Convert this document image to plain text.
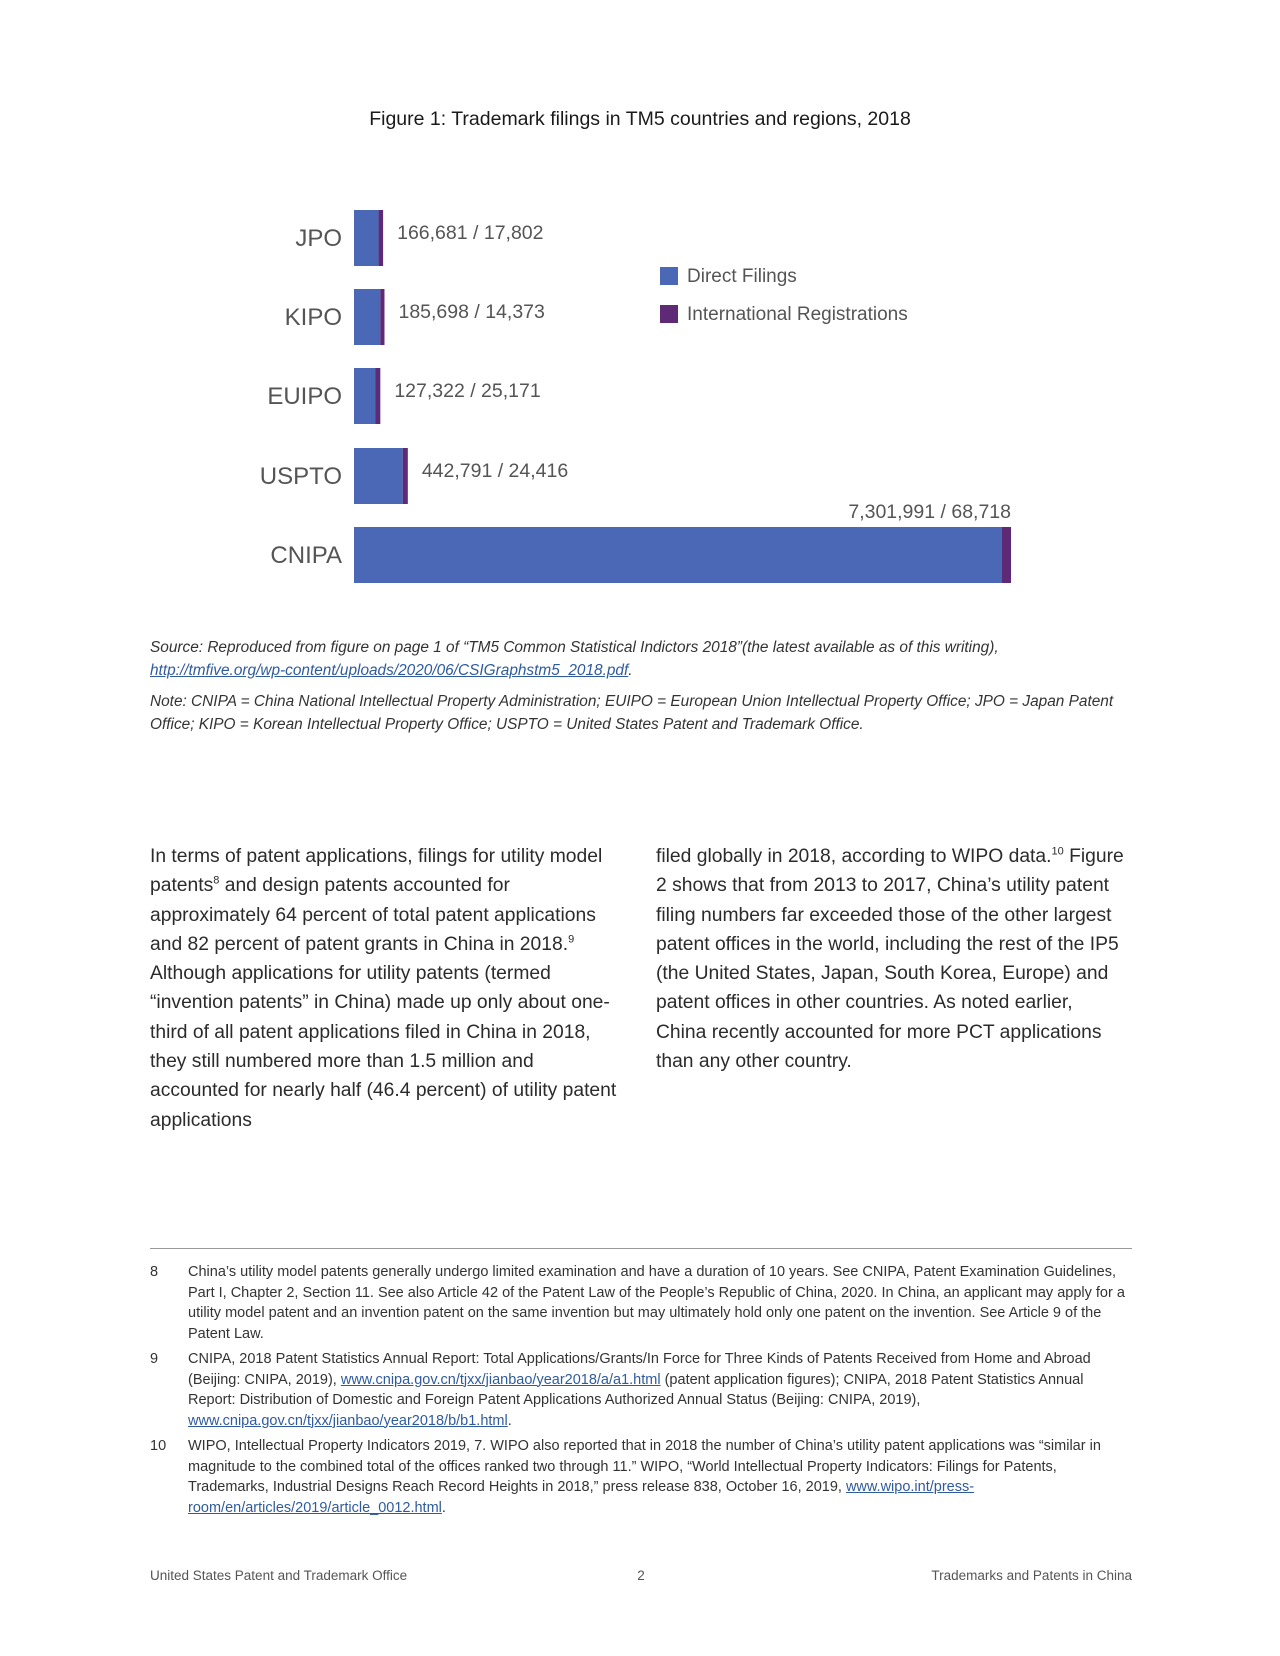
Figure 1: Trademark filings in TM5 countries and regions, 2018
JPO	166,681 / 17,802
KIPO	185,698 / 14,373
EUIPO	127,322 / 25,171
USPTO	442,791 / 24,416
CNIPA
7,301,991 / 68,718
Direct Filings
International Registrations

Source: Reproduced from figure on page 1 of “TM5 Common Statistical Indictors 2018”(the latest available as of this writing), http://tmfive.org/wp-content/uploads/2020/06/CSIGraphstm5_2018.pdf.

Note: CNIPA = China National Intellectual Property Administration; EUIPO = European Union Intellectual Property Office; JPO = Japan Patent Office; KIPO = Korean Intellectual Property Office; USPTO = United States Patent and Trademark Office.

In terms of patent applications, filings for utility model patents$^8$ and design patents accounted for approximately 64 percent of total patent applications and 82 percent of patent grants in China in 2018.$^9$ Although applications for utility patents (termed “invention patents” in China) made up only about one-third of all patent applications filed in China in 2018, they still numbered more than 1.5 million and accounted for nearly half (46.4 percent) of utility patent applications

filed globally in 2018, according to WIPO data.$^{10}$ Figure 2 shows that from 2013 to 2017, China’s utility patent filing numbers far exceeded those of the other largest patent offices in the world, including the rest of the IP5 (the United States, Japan, South Korea, Europe) and patent offices in other countries. As noted earlier, China recently accounted for more PCT applications than any other country.

8	China’s utility model patents generally undergo limited examination and have a duration of 10 years. See CNIPA, Patent Examination Guidelines, Part I, Chapter 2, Section 11. See also Article 42 of the Patent Law of the People’s Republic of China, 2020. In China, an applicant may apply for a utility model patent and an invention patent on the same invention but may ultimately hold only one patent on the invention. See Article 9 of the Patent Law.
9	CNIPA, 2018 Patent Statistics Annual Report: Total Applications/Grants/In Force for Three Kinds of Patents Received from Home and Abroad (Beijing: CNIPA, 2019), www.cnipa.gov.cn/tjxx/jianbao/year2018/a/a1.html (patent application figures); CNIPA, 2018 Patent Statistics Annual Report: Distribution of Domestic and Foreign Patent Applications Authorized Annual Status (Beijing: CNIPA, 2019), www.cnipa.gov.cn/tjxx/jianbao/year2018/b/b1.html.
10	WIPO, Intellectual Property Indicators 2019, 7. WIPO also reported that in 2018 the number of China’s utility patent applications was “similar in magnitude to the combined total of the offices ranked two through 11.” WIPO, “World Intellectual Property Indicators: Filings for Patents, Trademarks, Industrial Designs Reach Record Heights in 2018,” press release 838, October 16, 2019, www.wipo.int/press-room/en/articles/2019/article_0012.html.
United States Patent and Trademark Office	2	Trademarks and Patents in China
